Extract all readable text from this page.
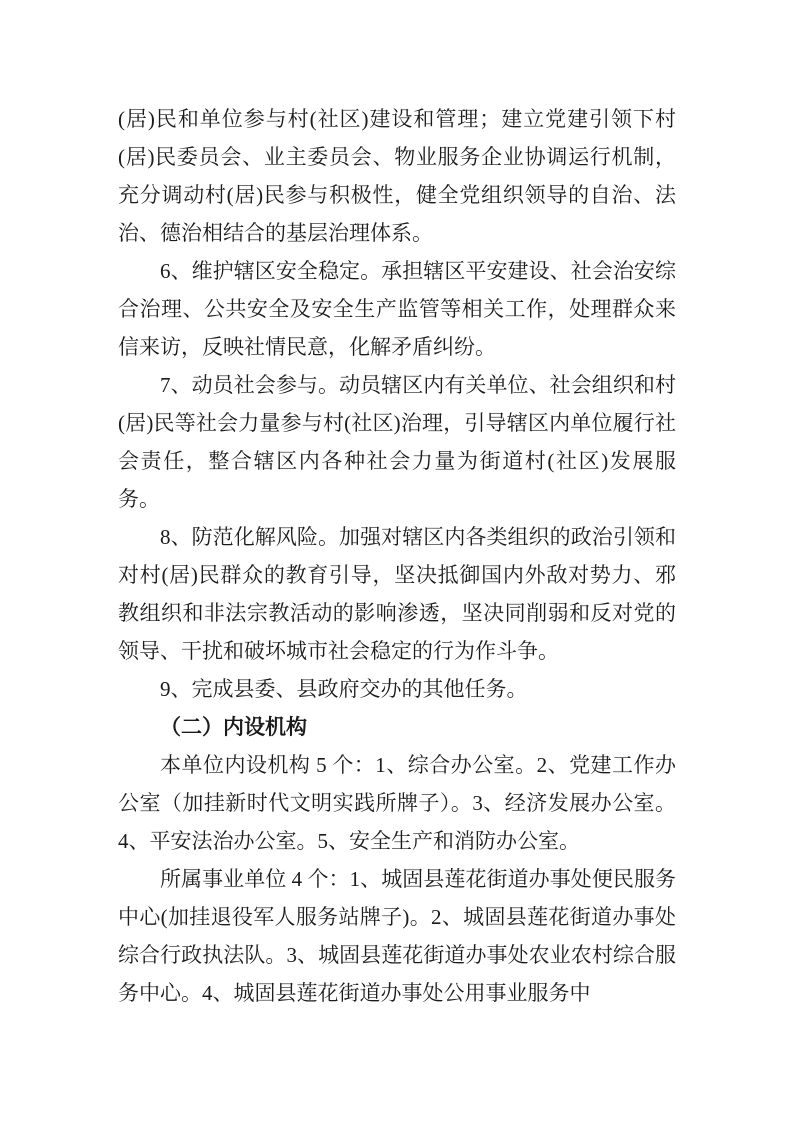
(居)民和单位参与村(社区)建设和管理；建立党建引领下村(居)民委员会、业主委员会、物业服务企业协调运行机制，充分调动村(居)民参与积极性，健全党组织领导的自治、法治、德治相结合的基层治理体系。

6、维护辖区安全稳定。承担辖区平安建设、社会治安综合治理、公共安全及安全生产监管等相关工作，处理群众来信来访，反映社情民意，化解矛盾纠纷。

7、动员社会参与。动员辖区内有关单位、社会组织和村(居)民等社会力量参与村(社区)治理，引导辖区内单位履行社会责任，整合辖区内各种社会力量为街道村(社区)发展服务。

8、防范化解风险。加强对辖区内各类组织的政治引领和对村(居)民群众的教育引导，坚决抵御国内外敌对势力、邪教组织和非法宗教活动的影响渗透，坚决同削弱和反对党的领导、干扰和破坏城市社会稳定的行为作斗争。

9、完成县委、县政府交办的其他任务。

（二）内设机构

本单位内设机构 5 个：1、综合办公室。2、党建工作办公室（加挂新时代文明实践所牌子）。3、经济发展办公室。4、平安法治办公室。5、安全生产和消防办公室。

所属事业单位 4 个：1、城固县莲花街道办事处便民服务中心(加挂退役军人服务站牌子)。2、城固县莲花街道办事处综合行政执法队。3、城固县莲花街道办事处农业农村综合服务中心。4、城固县莲花街道办事处公用事业服务中
